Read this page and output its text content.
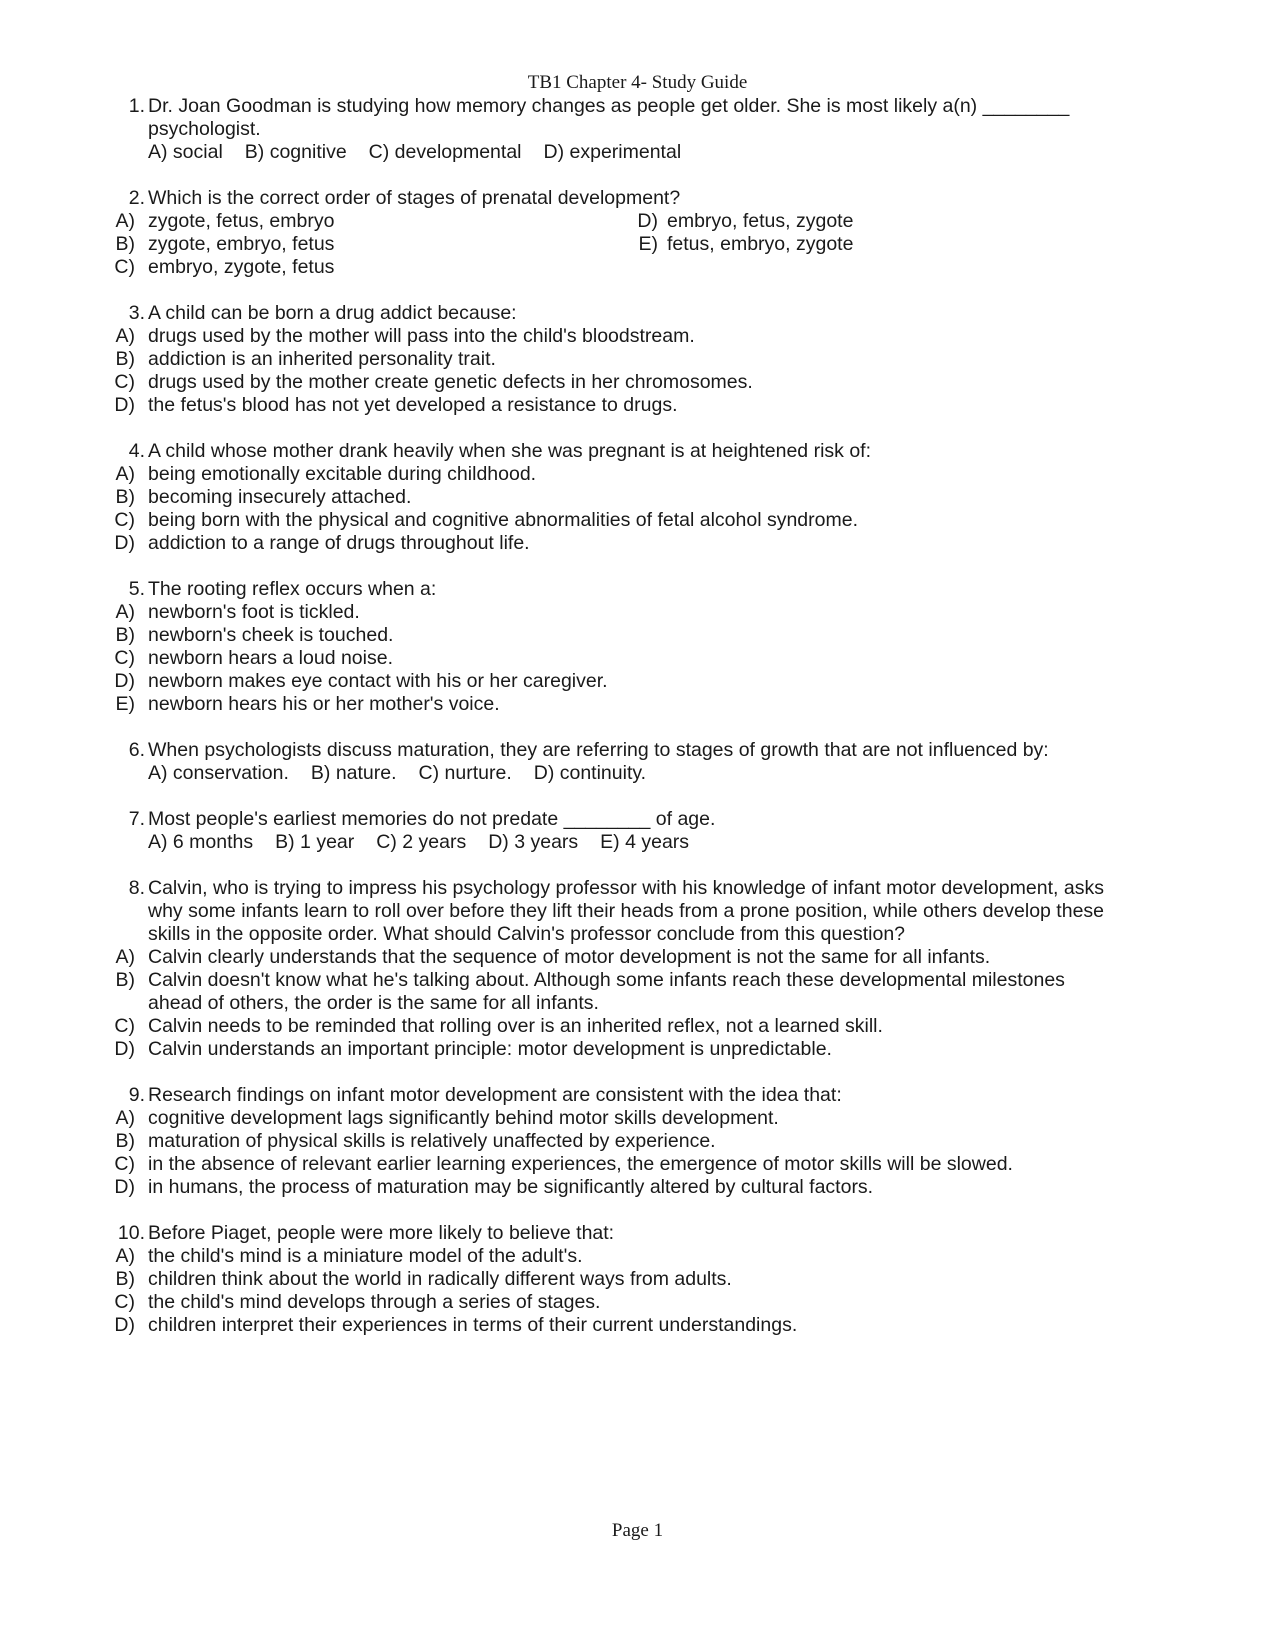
TB1 Chapter 4- Study Guide
1. Dr. Joan Goodman is studying how memory changes as people get older. She is most likely a(n) ________
psychologist.
A) social B) cognitive C) developmental D) experimental
2. Which is the correct order of stages of prenatal development?
A) zygote, fetus, embryo	D) embryo, fetus, zygote
B) zygote, embryo, fetus	E) fetus, embryo, zygote
C) embryo, zygote, fetus
3. A child can be born a drug addict because:
A) drugs used by the mother will pass into the child's bloodstream.
B) addiction is an inherited personality trait.
C) drugs used by the mother create genetic defects in her chromosomes.
D) the fetus's blood has not yet developed a resistance to drugs.
4. A child whose mother drank heavily when she was pregnant is at heightened risk of:
A) being emotionally excitable during childhood.
B) becoming insecurely attached.
C) being born with the physical and cognitive abnormalities of fetal alcohol syndrome.
D) addiction to a range of drugs throughout life.
5. The rooting reflex occurs when a:
A) newborn's foot is tickled.
B) newborn's cheek is touched.
C) newborn hears a loud noise.
D) newborn makes eye contact with his or her caregiver.
E) newborn hears his or her mother's voice.
6. When psychologists discuss maturation, they are referring to stages of growth that are not influenced by:
A) conservation. B) nature. C) nurture. D) continuity.
7. Most people's earliest memories do not predate ________ of age.
A) 6 months B) 1 year C) 2 years D) 3 years E) 4 years
8. Calvin, who is trying to impress his psychology professor with his knowledge of infant motor development, asks
why some infants learn to roll over before they lift their heads from a prone position, while others develop these
skills in the opposite order. What should Calvin's professor conclude from this question?
A) Calvin clearly understands that the sequence of motor development is not the same for all infants.
B) Calvin doesn't know what he's talking about. Although some infants reach these developmental milestones
ahead of others, the order is the same for all infants.
C) Calvin needs to be reminded that rolling over is an inherited reflex, not a learned skill.
D) Calvin understands an important principle: motor development is unpredictable.
9. Research findings on infant motor development are consistent with the idea that:
A) cognitive development lags significantly behind motor skills development.
B) maturation of physical skills is relatively unaffected by experience.
C) in the absence of relevant earlier learning experiences, the emergence of motor skills will be slowed.
D) in humans, the process of maturation may be significantly altered by cultural factors.
10. Before Piaget, people were more likely to believe that:
A) the child's mind is a miniature model of the adult's.
B) children think about the world in radically different ways from adults.
C) the child's mind develops through a series of stages.
D) children interpret their experiences in terms of their current understandings.
Page 1
